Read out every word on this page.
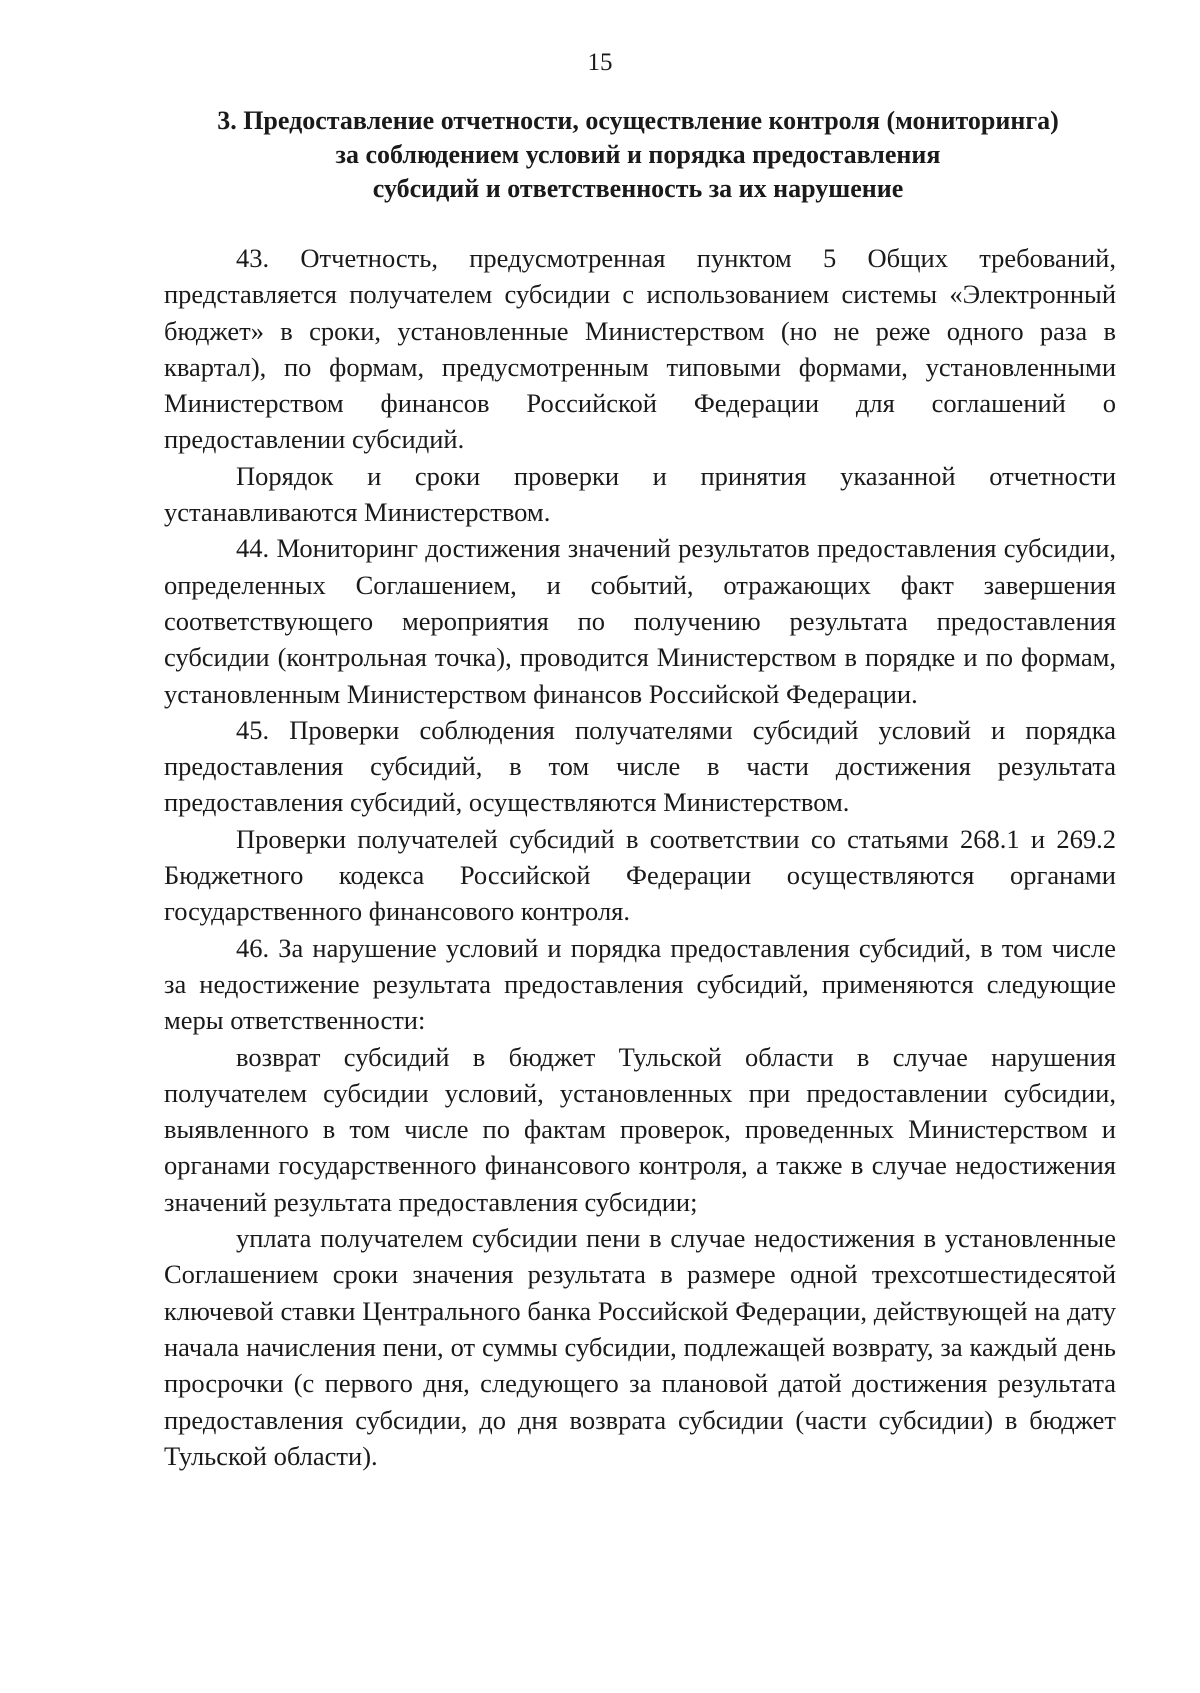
15
3. Предоставление отчетности, осуществление контроля (мониторинга)
за соблюдением условий и порядка предоставления
субсидий и ответственность за их нарушение

43. Отчетность, предусмотренная пунктом 5 Общих требований, представляется получателем субсидии с использованием системы «Электронный бюджет» в сроки, установленные Министерством (но не реже одного раза в квартал), по формам, предусмотренным типовыми формами, установленными Министерством финансов Российской Федерации для соглашений о предоставлении субсидий.

Порядок и сроки проверки и принятия указанной отчетности устанавливаются Министерством.

44. Мониторинг достижения значений результатов предоставления субсидии, определенных Соглашением, и событий, отражающих факт завершения соответствующего мероприятия по получению результата предоставления субсидии (контрольная точка), проводится Министерством в порядке и по формам, установленным Министерством финансов Российской Федерации.

45. Проверки соблюдения получателями субсидий условий и порядка предоставления субсидий, в том числе в части достижения результата предоставления субсидий, осуществляются Министерством.

Проверки получателей субсидий в соответствии со статьями 268.1 и 269.2 Бюджетного кодекса Российской Федерации осуществляются органами государственного финансового контроля.

46. За нарушение условий и порядка предоставления субсидий, в том числе за недостижение результата предоставления субсидий, применяются следующие меры ответственности:

возврат субсидий в бюджет Тульской области в случае нарушения получателем субсидии условий, установленных при предоставлении субсидии, выявленного в том числе по фактам проверок, проведенных Министерством и органами государственного финансового контроля, а также в случае недостижения значений результата предоставления субсидии;

уплата получателем субсидии пени в случае недостижения в установленные Соглашением сроки значения результата в размере одной трехсотшестидесятой ключевой ставки Центрального банка Российской Федерации, действующей на дату начала начисления пени, от суммы субсидии, подлежащей возврату, за каждый день просрочки (с первого дня, следующего за плановой датой достижения результата предоставления субсидии, до дня возврата субсидии (части субсидии) в бюджет Тульской области).
